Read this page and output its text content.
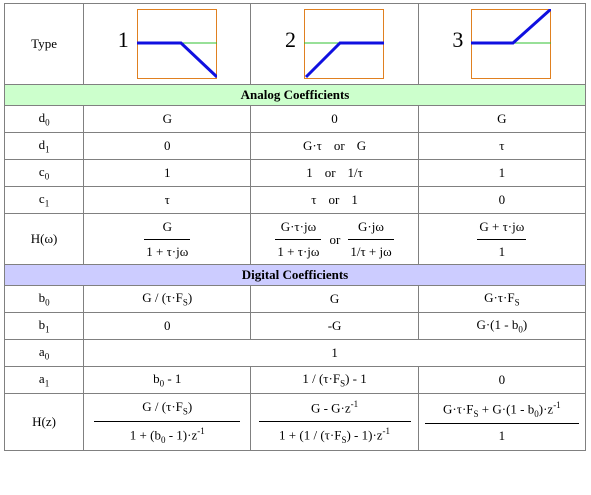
Type	1	2	3

Analog Coefficients			
$d_0$	G	0	G
$d_1$	0	G·τ or G	τ
$c_0$	1	1 or 1/τ	1
$c_1$	τ	τ or 1	0
H(ω)	$\frac{G}{1 + \tau\cdot j\omega}$	$\frac{G\cdot\tau\cdot j\omega}{1 + \tau\cdot j\omega}$ or $\frac{G\cdot j\omega}{1/\tau + j\omega}$	$\frac{G + \tau\cdot j\omega}{1}$

Digital Coefficients			
$b_0$	$G / (\tau\cdot F_S)$	G	$G\cdot\tau\cdot F_S$
$b_1$	0	-G	$G\cdot(1 - b_0)$
$a_0$	1		
$a_1$	$b_0 - 1$	$1 / (\tau\cdot F_S) - 1$	0
H(z)	$\frac{G / (\tau\cdot F_S)}{1 + (b_0 - 1)\cdot z^{-1}}$	$\frac{G - G\cdot z^{-1}}{1 + (1 / (\tau\cdot F_S) - 1)\cdot z^{-1}}$	$\frac{G\cdot\tau\cdot F_S + G\cdot(1 - b_0)\cdot z^{-1}}{1}$
